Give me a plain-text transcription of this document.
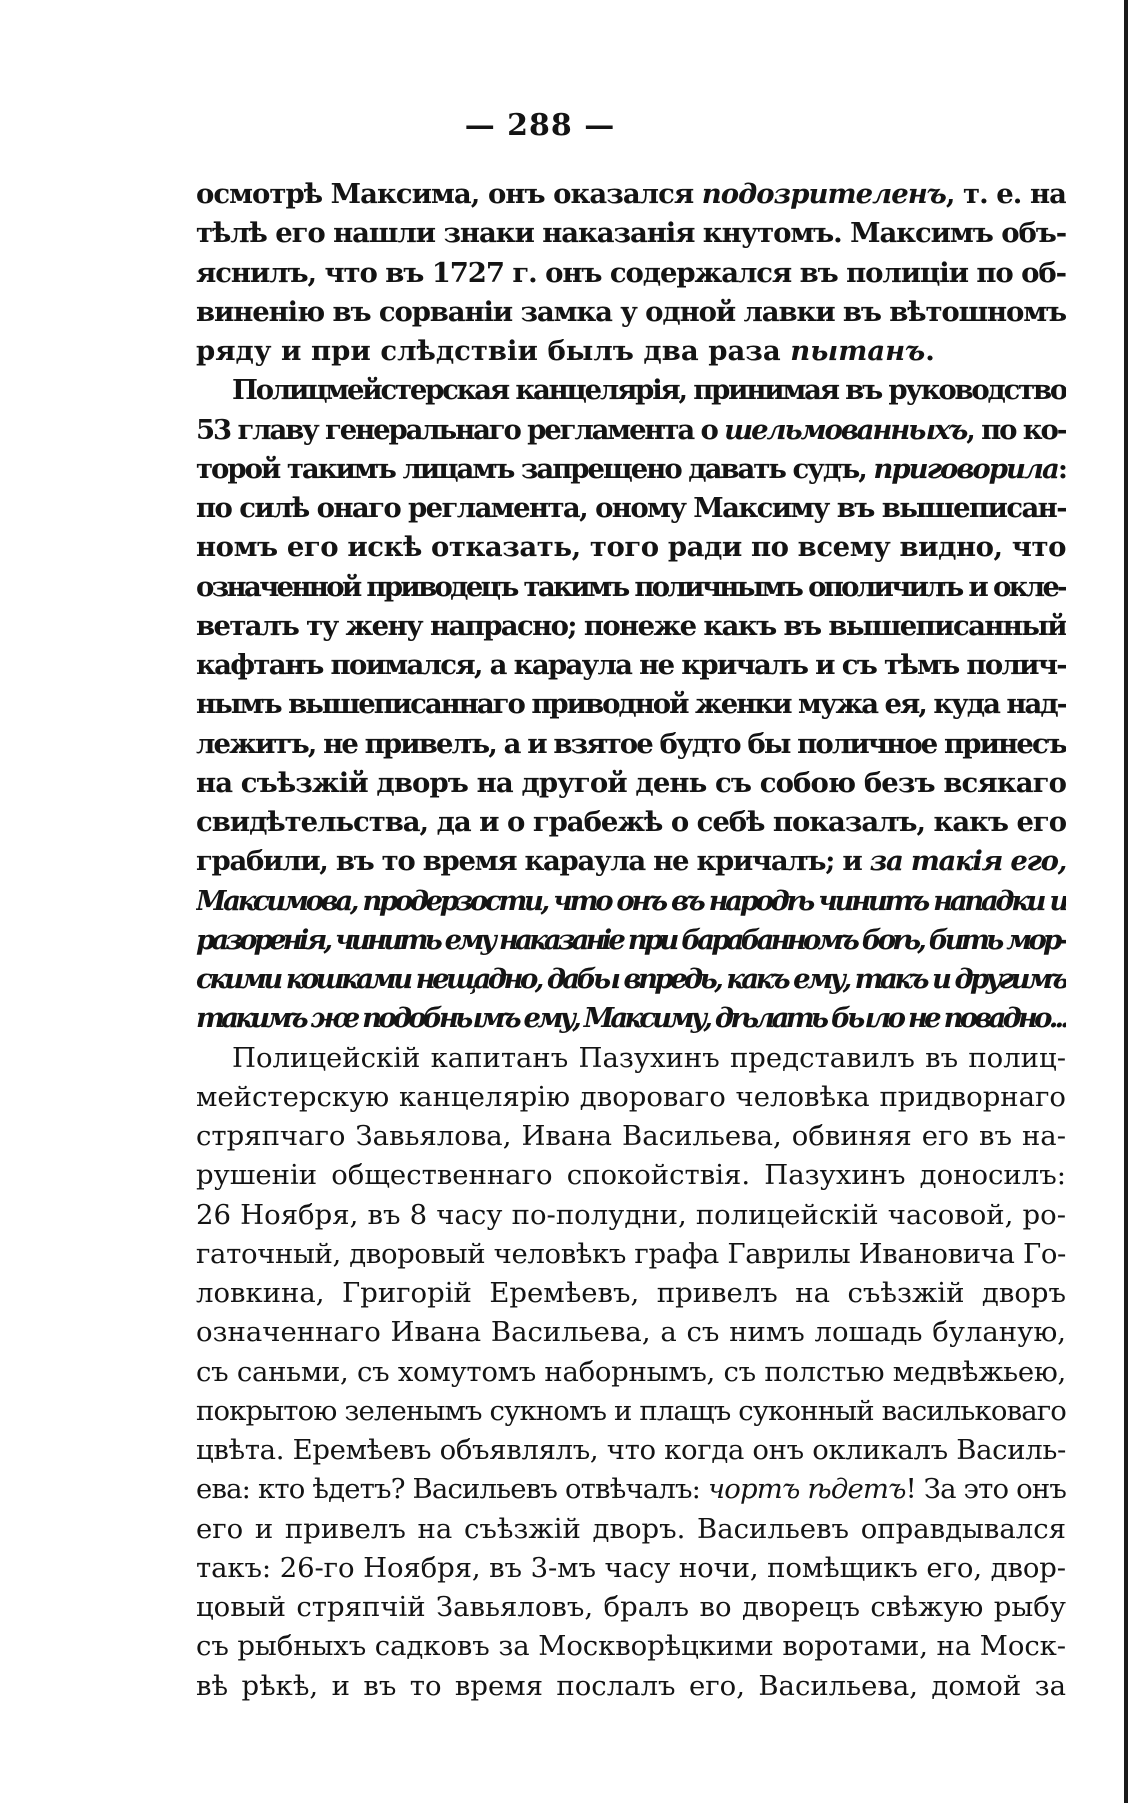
— 288 —
осмотрѣ Максима, онъ оказался подозрителенъ, т. е. на
тѣлѣ его нашли знаки наказанія кнутомъ. Максимъ объ-
яснилъ, что въ 1727 г. онъ содержался въ полиціи по об-
виненію въ сорваніи замка у одной лавки въ вѣтошномъ
ряду и при слѣдствіи былъ два раза пытанъ.
Полицмейстерская канцелярія, принимая въ руководство
53 главу генеральнаго регламента о шельмованныхъ, по ко-
торой такимъ лицамъ запрещено давать судъ, приговорила:
по силѣ онаго регламента, оному Максиму въ вышеписан-
номъ его искѣ отказать, того ради по всему видно, что
означенной приводецъ такимъ поличнымъ ополичилъ и окле-
веталъ ту жену напрасно; понеже какъ въ вышеписанный
кафтанъ поимался, а караула не кричалъ и съ тѣмъ полич-
нымъ вышеписаннаго приводной женки мужа ея, куда над-
лежитъ, не привелъ, а и взятое будто бы поличное принесъ
на съѣзжій дворъ на другой день съ собою безъ всякаго
свидѣтельства, да и о грабежѣ о себѣ показалъ, какъ его
грабили, въ то время караула не кричалъ; и за такія его,
Максимова, продерзости, что онъ въ народѣ чинитъ нападки и
разоренія, чинить ему наказаніе при барабанномъ боѣ, бить мор-
скими кошками нещадно, дабы впредь, какъ ему, такъ и другимъ
такимъ же подобнымъ ему, Максиму, дѣлать было не повадно...
Полицейскій капитанъ Пазухинъ представилъ въ полиц-
мейстерскую канцелярію дворовагo человѣка придворнаго
стряпчаго Завьялова, Ивана Васильева, обвиняя его въ на-
рушеніи общественнаго спокойствія. Пазухинъ доносилъ:
26 Ноября, въ 8 часу по-полудни, полицейскій часовой, ро-
гаточный, дворовый человѣкъ графа Гаврилы Ивановича Го-
ловкина, Григорій Еремѣевъ, привелъ на съѣзжій дворъ
означеннаго Ивана Васильева, а съ нимъ лошадь буланую,
съ саньми, съ хомутомъ наборнымъ, съ полстью медвѣжьею,
покрытою зеленымъ сукномъ и плащъ суконный васильковаго
цвѣта. Еремѣевъ объявлялъ, что когда онъ окликалъ Василь-
ева: кто ѣдетъ? Васильевъ отвѣчалъ: чортъ ѣдетъ! За это онъ
его и привелъ на съѣзжій дворъ. Васильевъ оправдывался
такъ: 26-го Ноября, въ 3-мъ часу ночи, помѣщикъ его, двор-
цовый стряпчій Завьяловъ, бралъ во дворецъ свѣжую рыбу
съ рыбныхъ садковъ за Москворѣцкими воротами, на Моск-
вѣ рѣкѣ, и въ то время послалъ его, Васильева, домой за
